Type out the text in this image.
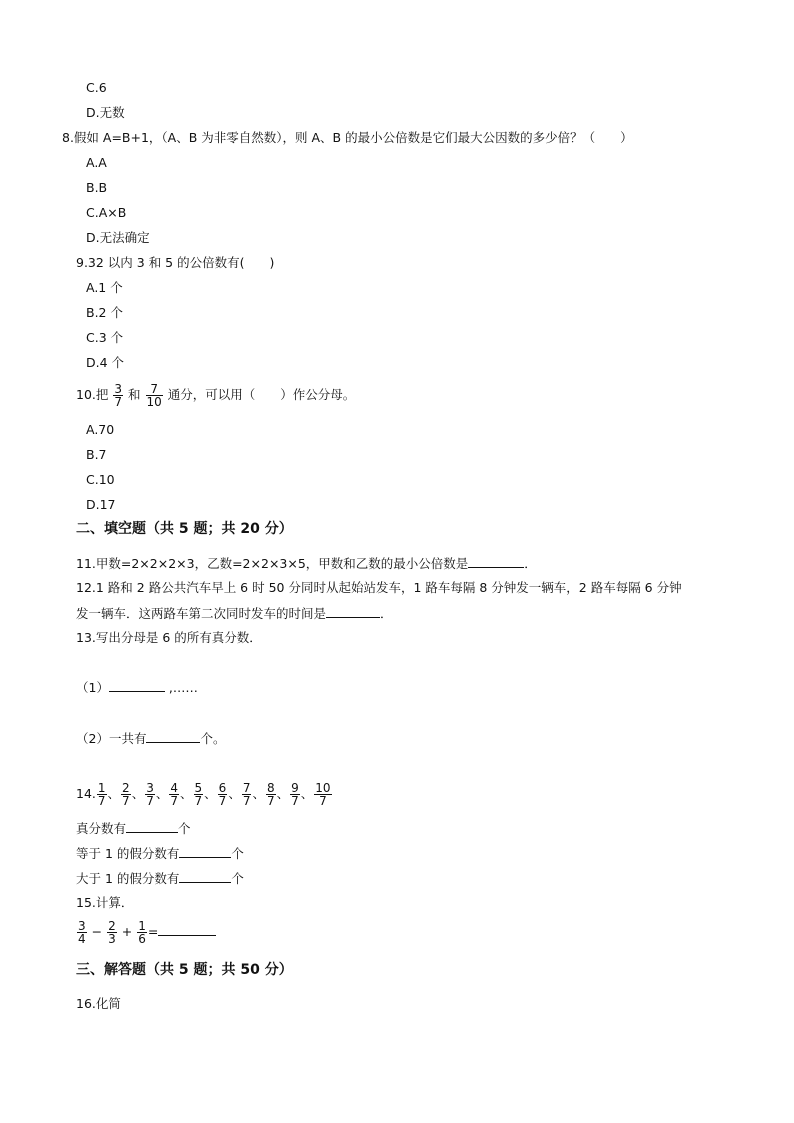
C.6
D.无数
8.假如 A=B+1，（A、B 为非零自然数），则 A、B 的最小公倍数是它们最大公因数的多少倍？（　　）
A.A
B.B
C.A×B
D.无法确定
9.32 以内 3 和 5 的公倍数有(　　)
A.1 个
B.2 个
C.3 个
D.4 个
10.把 $\frac{3}{7}$ 和 $\frac{7}{10}$ 通分，可以用（　　）作公分母。
A.70
B.7
C.10
D.17
二、填空题（共 5 题；共 20 分）
11.甲数=2×2×2×3，乙数=2×2×3×5，甲数和乙数的最小公倍数是	．
12.1 路和 2 路公共汽车早上 6 时 50 分同时从起始站发车，1 路车每隔 8 分钟发一辆车，2 路车每隔 6 分钟
发一辆车．这两路车第二次同时发车的时间是	．
13.写出分母是 6 的所有真分数．
（1）	,……
（2）一共有	个。
14. $\frac{1}{7}$ 、 $\frac{2}{7}$ 、 $\frac{3}{7}$ 、 $\frac{4}{7}$ 、 $\frac{5}{7}$ 、 $\frac{6}{7}$ 、 $\frac{7}{7}$ 、 $\frac{8}{7}$ 、 $\frac{9}{7}$ 、 $\frac{10}{7}$
真分数有	个
等于 1 的假分数有	个
大于 1 的假分数有	个
15.计算．
$\frac{3}{4} - \frac{2}{3} + \frac{1}{6}$ =
三、解答题（共 5 题；共 50 分）
16.化简
